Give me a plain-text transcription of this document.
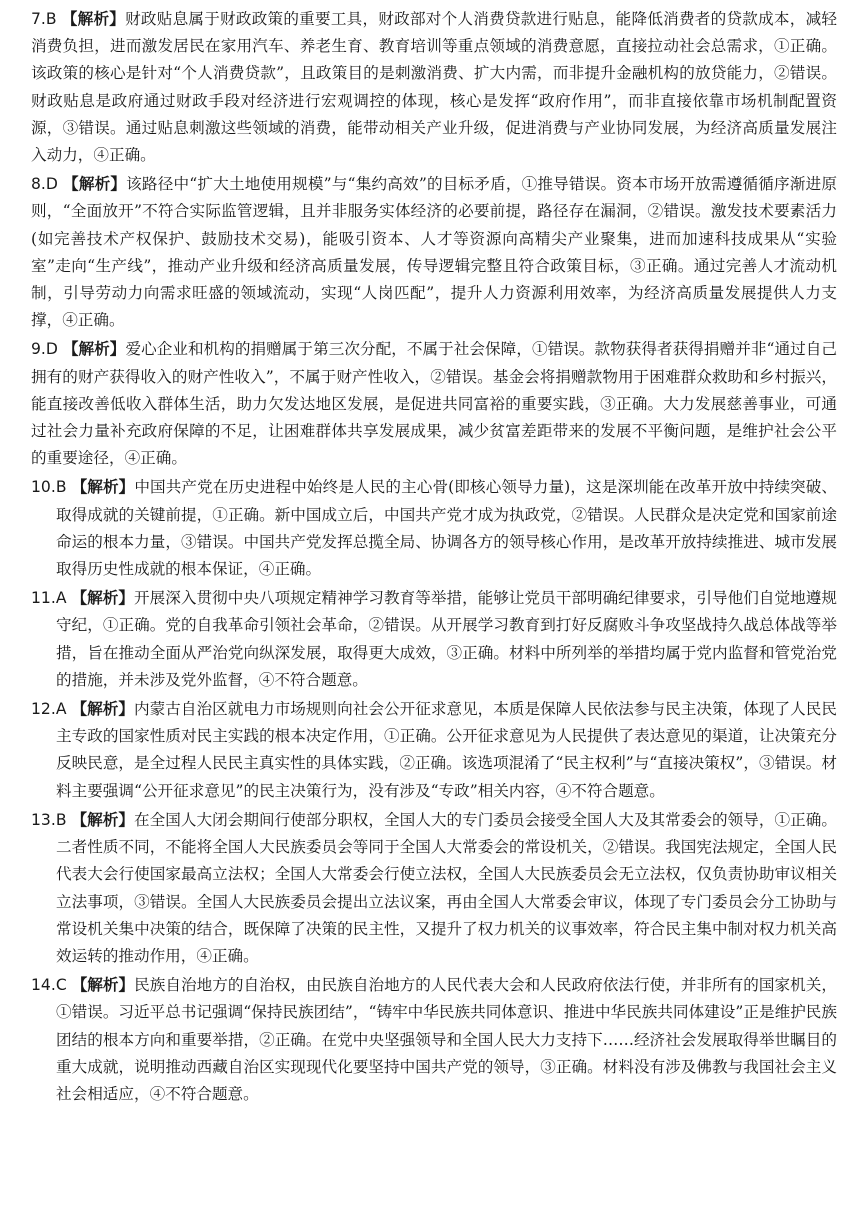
7.B 【解析】财政贴息属于财政政策的重要工具，财政部对个人消费贷款进行贴息，能降低消费者的贷款成本，减轻消费负担，进而激发居民在家用汽车、养老生育、教育培训等重点领域的消费意愿，直接拉动社会总需求，①正确。该政策的核心是针对“个人消费贷款”，且政策目的是刺激消费、扩大内需，而非提升金融机构的放贷能力，②错误。财政贴息是政府通过财政手段对经济进行宏观调控的体现，核心是发挥“政府作用”，而非直接依靠市场机制配置资源，③错误。通过贴息刺激这些领域的消费，能带动相关产业升级，促进消费与产业协同发展，为经济高质量发展注入动力，④正确。
8.D 【解析】该路径中“扩大土地使用规模”与“集约高效”的目标矛盾，①推导错误。资本市场开放需遵循循序渐进原则，“全面放开”不符合实际监管逻辑，且并非服务实体经济的必要前提，路径存在漏洞，②错误。激发技术要素活力(如完善技术产权保护、鼓励技术交易)，能吸引资本、人才等资源向高精尖产业聚集，进而加速科技成果从“实验室”走向“生产线”，推动产业升级和经济高质量发展，传导逻辑完整且符合政策目标，③正确。通过完善人才流动机制，引导劳动力向需求旺盛的领域流动，实现“人岗匹配”，提升人力资源利用效率，为经济高质量发展提供人力支撑，④正确。
9.D 【解析】爱心企业和机构的捐赠属于第三次分配，不属于社会保障，①错误。款物获得者获得捐赠并非“通过自己拥有的财产获得收入的财产性收入”，不属于财产性收入，②错误。基金会将捐赠款物用于困难群众救助和乡村振兴，能直接改善低收入群体生活，助力欠发达地区发展，是促进共同富裕的重要实践，③正确。大力发展慈善事业，可通过社会力量补充政府保障的不足，让困难群体共享发展成果，减少贫富差距带来的发展不平衡问题，是维护社会公平的重要途径，④正确。
10.B 【解析】中国共产党在历史进程中始终是人民的主心骨(即核心领导力量)，这是深圳能在改革开放中持续突破、取得成就的关键前提，①正确。新中国成立后，中国共产党才成为执政党，②错误。人民群众是决定党和国家前途命运的根本力量，③错误。中国共产党发挥总揽全局、协调各方的领导核心作用，是改革开放持续推进、城市发展取得历史性成就的根本保证，④正确。
11.A 【解析】开展深入贯彻中央八项规定精神学习教育等举措，能够让党员干部明确纪律要求，引导他们自觉地遵规守纪，①正确。党的自我革命引领社会革命，②错误。从开展学习教育到打好反腐败斗争攻坚战持久战总体战等举措，旨在推动全面从严治党向纵深发展，取得更大成效，③正确。材料中所列举的举措均属于党内监督和管党治党的措施，并未涉及党外监督，④不符合题意。
12.A 【解析】内蒙古自治区就电力市场规则向社会公开征求意见，本质是保障人民依法参与民主决策，体现了人民民主专政的国家性质对民主实践的根本决定作用，①正确。公开征求意见为人民提供了表达意见的渠道，让决策充分反映民意，是全过程人民民主真实性的具体实践，②正确。该选项混淆了“民主权利”与“直接决策权”，③错误。材料主要强调“公开征求意见”的民主决策行为，没有涉及“专政”相关内容，④不符合题意。
13.B 【解析】在全国人大闭会期间行使部分职权，全国人大的专门委员会接受全国人大及其常委会的领导，①正确。二者性质不同，不能将全国人大民族委员会等同于全国人大常委会的常设机关，②错误。我国宪法规定，全国人民代表大会行使国家最高立法权；全国人大常委会行使立法权，全国人大民族委员会无立法权，仅负责协助审议相关立法事项，③错误。全国人大民族委员会提出立法议案，再由全国人大常委会审议，体现了专门委员会分工协助与常设机关集中决策的结合，既保障了决策的民主性，又提升了权力机关的议事效率，符合民主集中制对权力机关高效运转的推动作用，④正确。
14.C 【解析】民族自治地方的自治权，由民族自治地方的人民代表大会和人民政府依法行使，并非所有的国家机关，①错误。习近平总书记强调“保持民族团结”，“铸牢中华民族共同体意识、推进中华民族共同体建设”正是维护民族团结的根本方向和重要举措，②正确。在党中央坚强领导和全国人民大力支持下……经济社会发展取得举世瞩目的重大成就，说明推动西藏自治区实现现代化要坚持中国共产党的领导，③正确。材料没有涉及佛教与我国社会主义社会相适应，④不符合题意。
